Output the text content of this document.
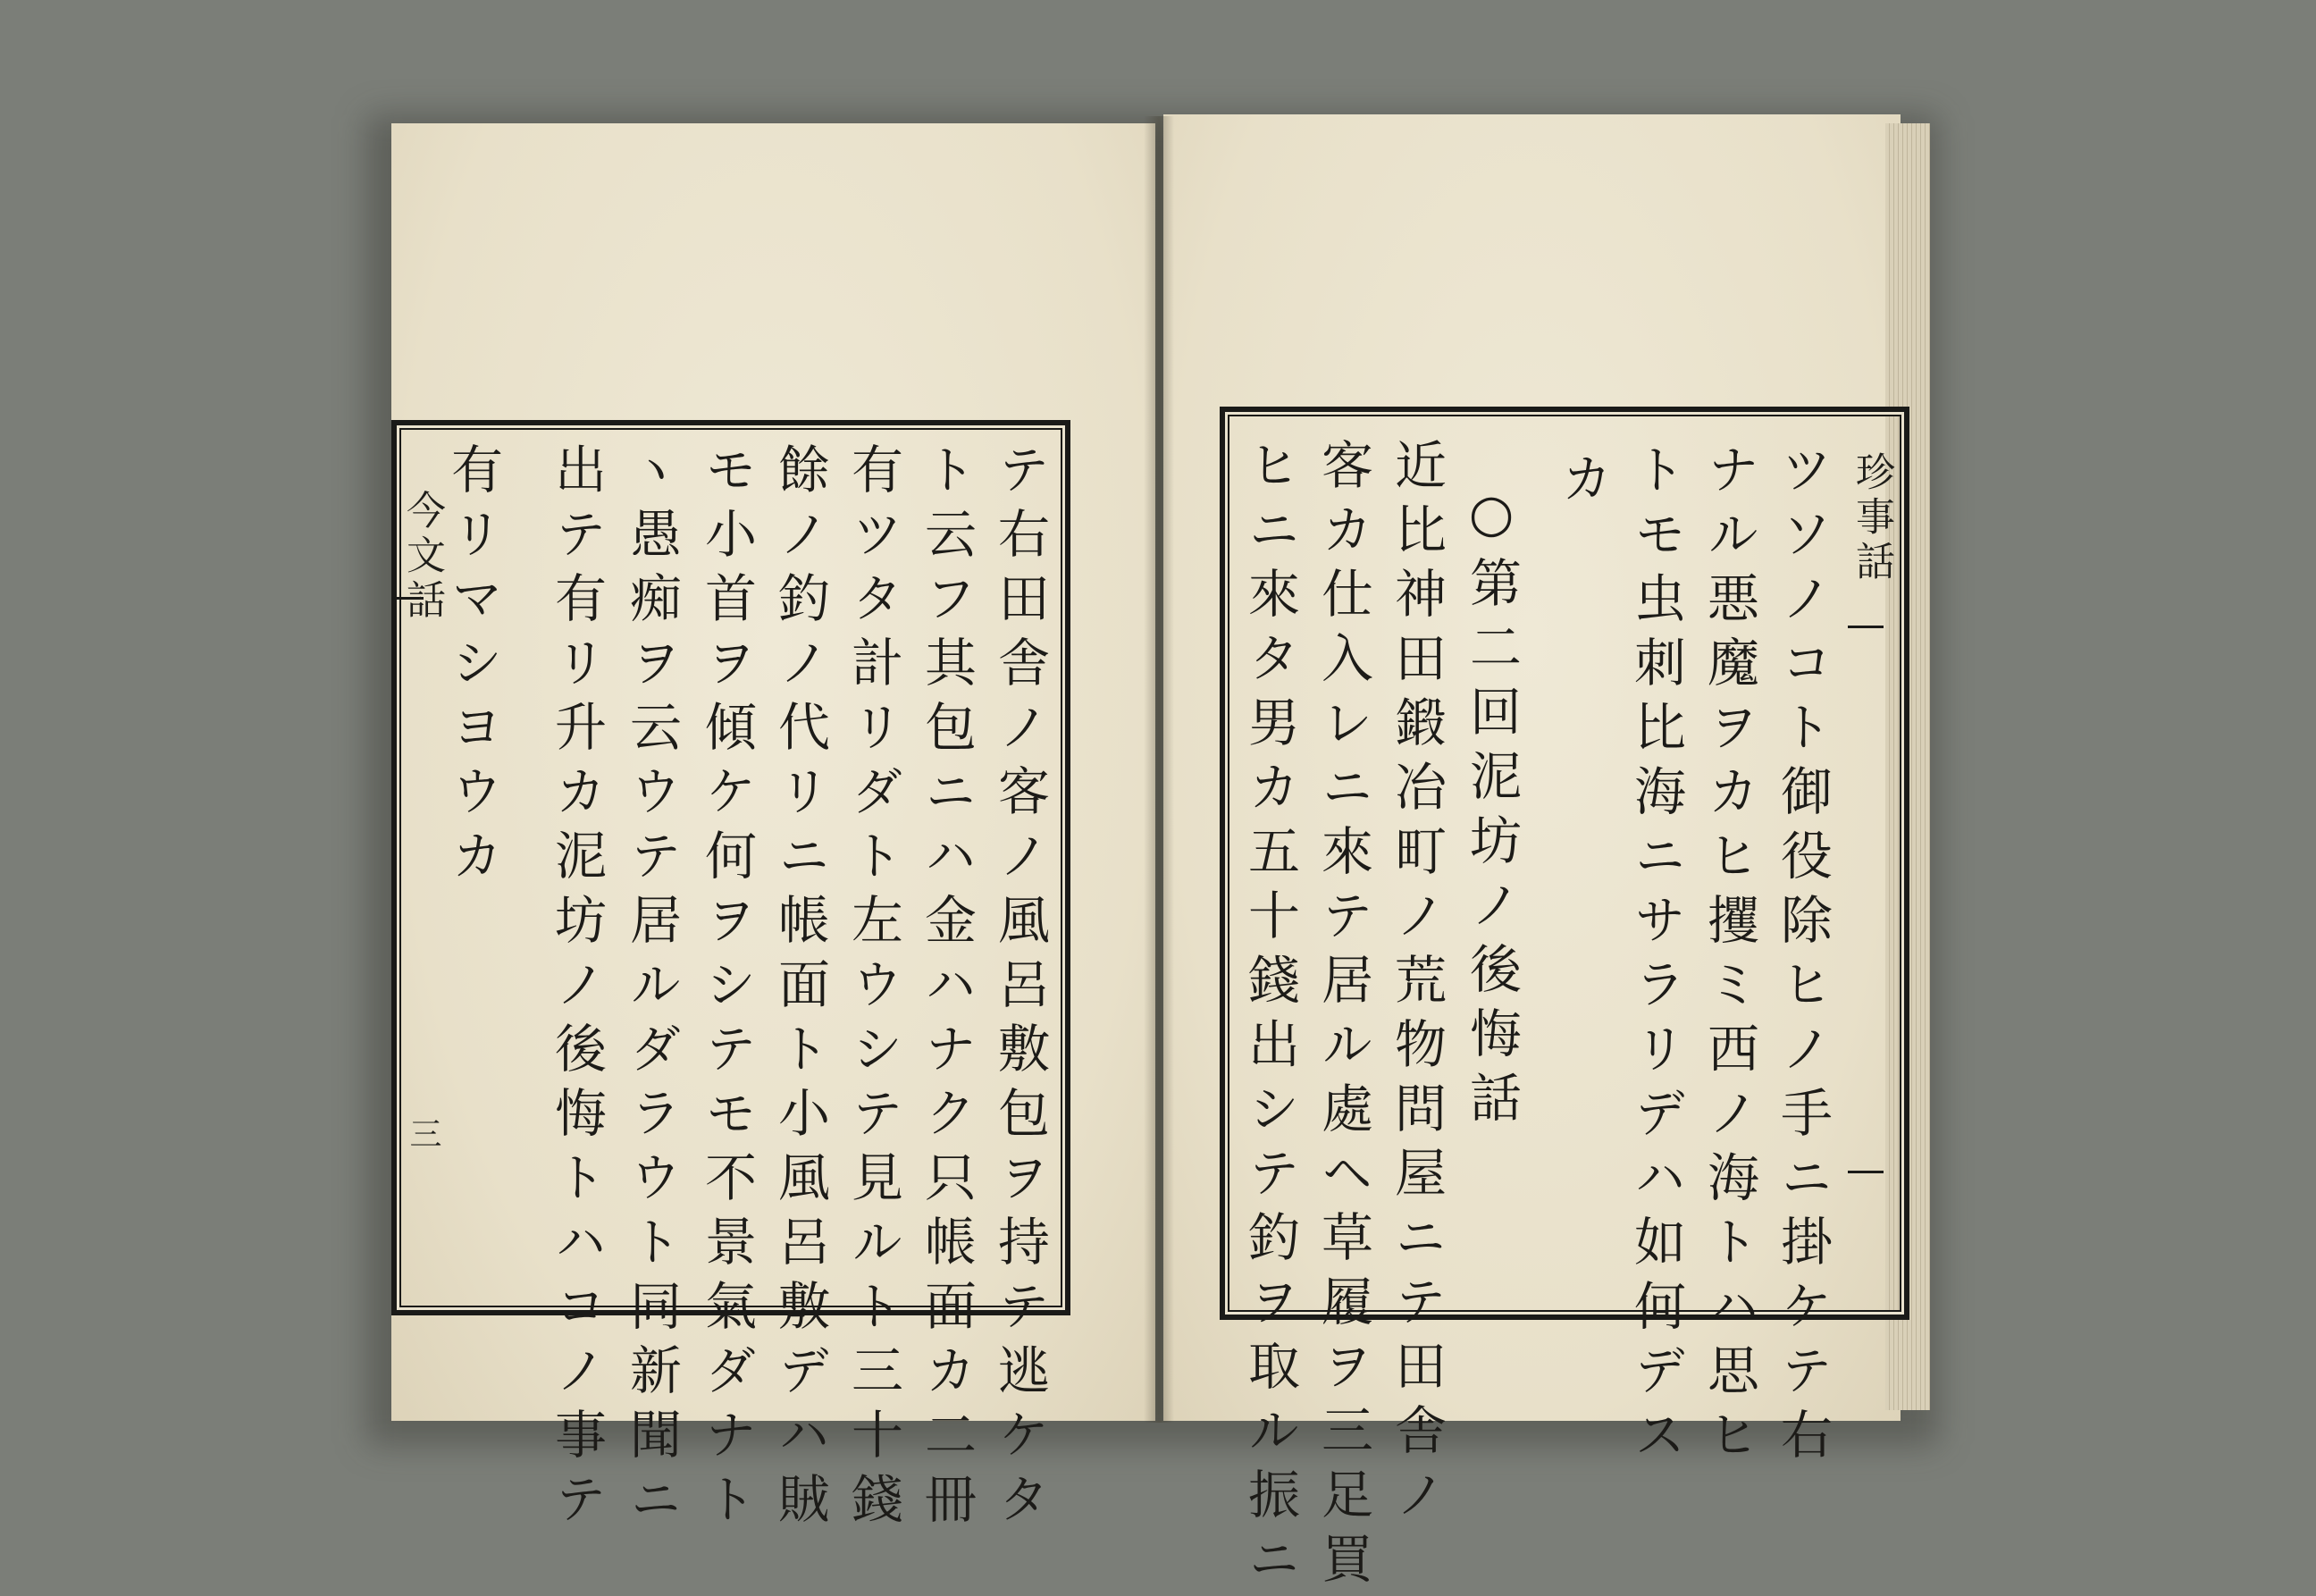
今文話	珍事話
三	テ右田舎ノ客ノ風呂敷包ヲ持テ逃ケタ
ト云フ其包ニハ金ハナク只帳面カ二冊
有ツタ計リダト左ウシテ見ルト三十錢
餘ノ釣ノ代リニ帳面ト小風呂敷デハ賊
モ小首ヲ傾ケ何ヲシテモ不景氣ダナト
ヽ愚痴ヲ云ウテ居ルダラウト同新聞ニ
出テ有リ升カ泥坊ノ後悔トハコノ事テ
有リマシヨウカ	ツソノコト御役除ヒノ手ニ掛ケテ右
ナル悪魔ヲカヒ攫ミ西ノ海トハ思ヒ
トモ虫刺比海ニサラリデハ如何デス
カ
○第二回泥坊ノ後悔話
近比神田鍛冶町ノ荒物問屋ニテ田舎ノ
客カ仕入レニ來テ居ル處ヘ草履ヲ三足買
ヒニ來タ男カ五十錢出シテ釣ヲ取ル振ニ
